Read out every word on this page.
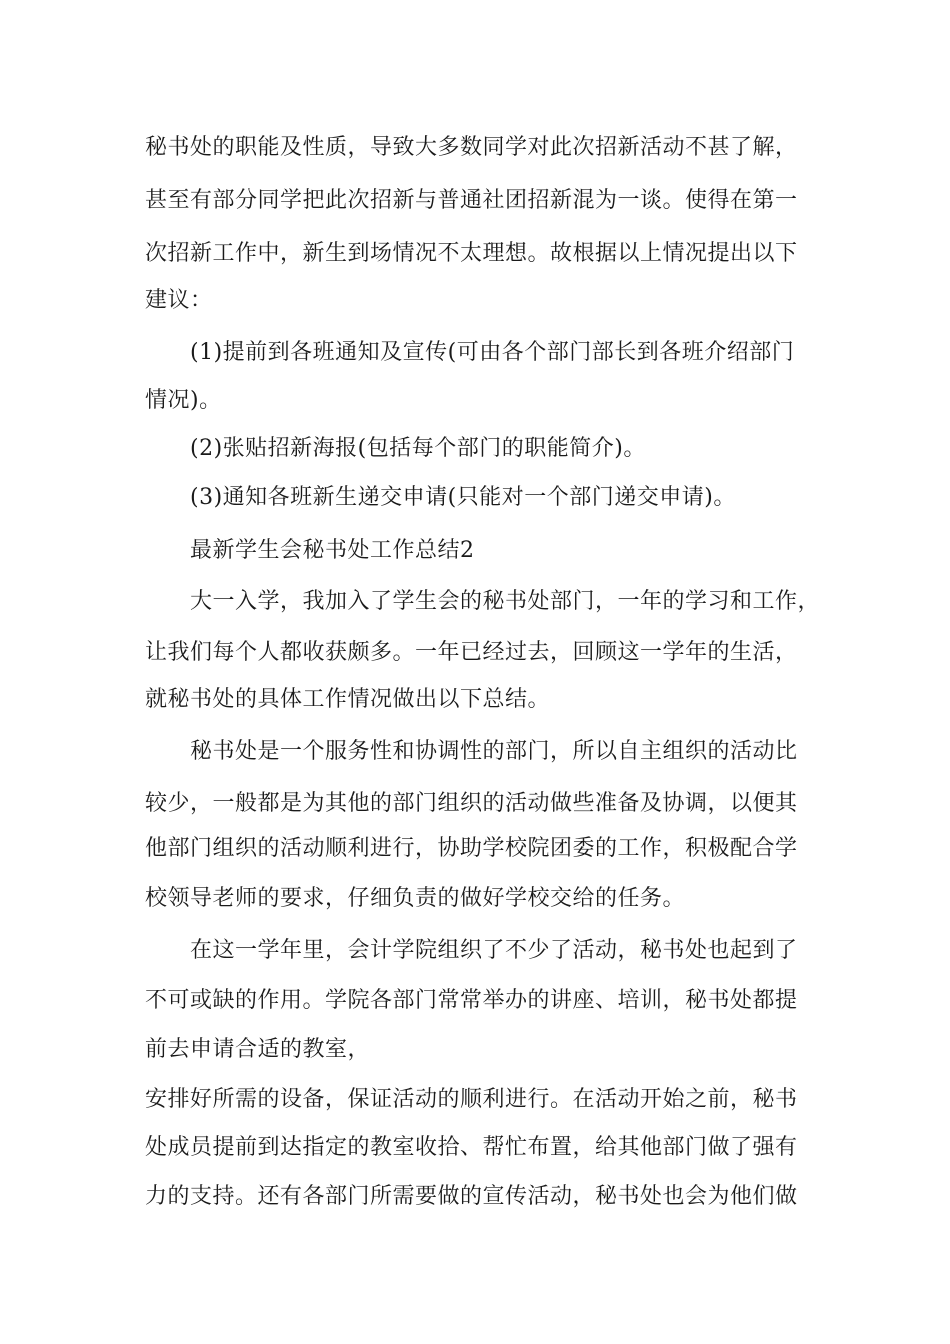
秘书处的职能及性质，导致大多数同学对此次招新活动不甚了解，
甚至有部分同学把此次招新与普通社团招新混为一谈。使得在第一
次招新工作中，新生到场情况不太理想。故根据以上情况提出以下
建议：
(1)提前到各班通知及宣传(可由各个部门部长到各班介绍部门
情况)。
(2)张贴招新海报(包括每个部门的职能简介)。
(3)通知各班新生递交申请(只能对一个部门递交申请)。
最新学生会秘书处工作总结2
大一入学，我加入了学生会的秘书处部门，一年的学习和工作，
让我们每个人都收获颇多。一年已经过去，回顾这一学年的生活，
就秘书处的具体工作情况做出以下总结。
秘书处是一个服务性和协调性的部门，所以自主组织的活动比
较少，一般都是为其他的部门组织的活动做些准备及协调，以便其
他部门组织的活动顺利进行，协助学校院团委的工作，积极配合学
校领导老师的要求，仔细负责的做好学校交给的任务。
在这一学年里，会计学院组织了不少了活动，秘书处也起到了
不可或缺的作用。学院各部门常常举办的讲座、培训，秘书处都提
前去申请合适的教室，
安排好所需的设备，保证活动的顺利进行。在活动开始之前，秘书
处成员提前到达指定的教室收拾、帮忙布置，给其他部门做了强有
力的支持。还有各部门所需要做的宣传活动，秘书处也会为他们做
